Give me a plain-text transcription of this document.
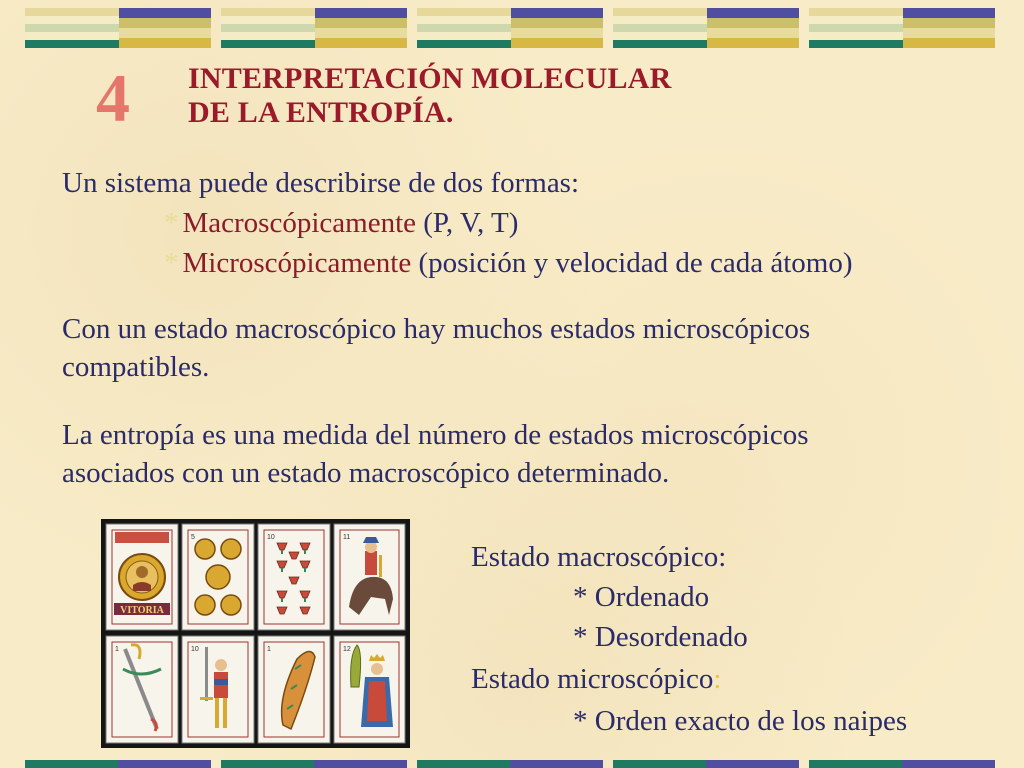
4 INTERPRETACIÓN MOLECULAR
DE LA ENTROPÍA.
Un sistema puede describirse de dos formas:
* Macroscópicamente (P, V, T)
* Microscópicamente (posición y velocidad de cada átomo)
Con un estado macroscópico hay muchos estados microscópicos
compatibles.
La entropía es una medida del número de estados microscópicos
asociados con un estado macroscópico determinado.
VITORIA
5	10	11
1	10	1	12
Estado macroscópico:
* Ordenado
* Desordenado
Estado microscópico:
* Orden exacto de los naipes
